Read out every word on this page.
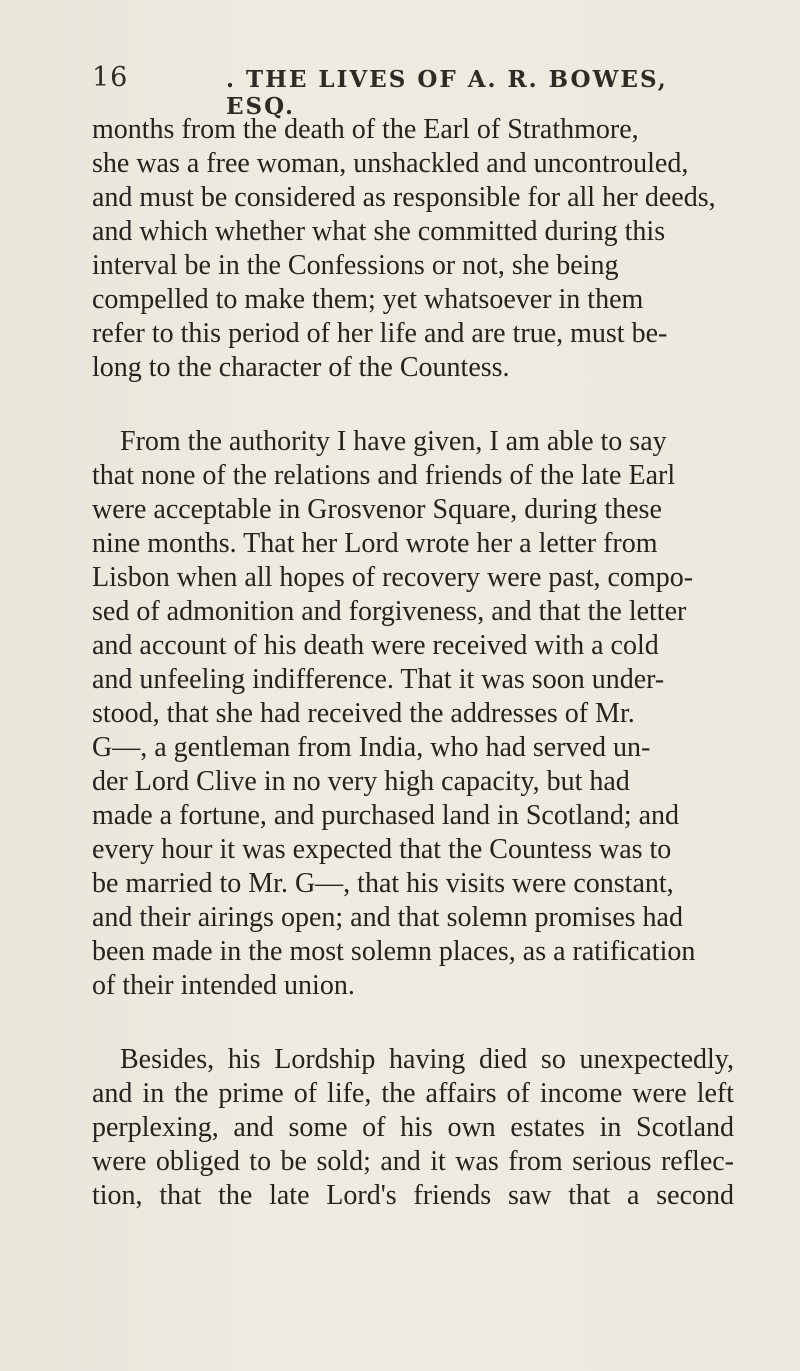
16	. THE LIVES OF A. R. BOWES, ESQ.

months from the death of the Earl of Strathmore,
she was a free woman, unshackled and uncontrouled,
and must be considered as responsible for all her deeds,
and which whether what she committed during this
interval be in the Confessions or not, she being
compelled to make them; yet whatsoever in them
refer to this period of her life and are true, must be-
long to the character of the Countess.

From the authority I have given, I am able to say
that none of the relations and friends of the late Earl
were acceptable in Grosvenor Square, during these
nine months. That her Lord wrote her a letter from
Lisbon when all hopes of recovery were past, compo-
sed of admonition and forgiveness, and that the letter
and account of his death were received with a cold
and unfeeling indifference. That it was soon under-
stood, that she had received the addresses of Mr.
G—, a gentleman from India, who had served un-
der Lord Clive in no very high capacity, but had
made a fortune, and purchased land in Scotland; and
every hour it was expected that the Countess was to
be married to Mr. G—, that his visits were constant,
and their airings open; and that solemn promises had
been made in the most solemn places, as a ratification
of their intended union.

Besides, his Lordship having died so unexpectedly,
and in the prime of life, the affairs of income were left
perplexing, and some of his own estates in Scotland
were obliged to be sold; and it was from serious reflec-
tion, that the late Lord's friends saw that a second
